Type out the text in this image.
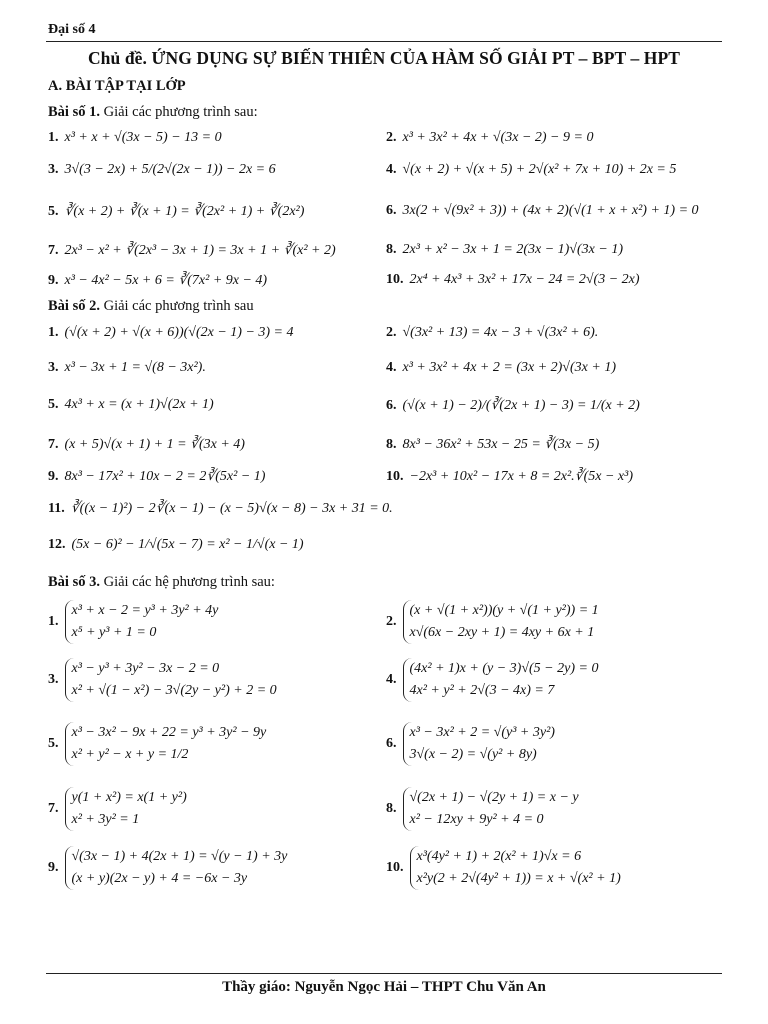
Đại số 4
Chủ đề. ỨNG DỤNG SỰ BIẾN THIÊN CỦA HÀM SỐ GIẢI PT – BPT – HPT
A. BÀI TẬP TẠI LỚP
Bài số 1. Giải các phương trình sau:
1. x³ + x + √(3x − 5) − 13 = 0	2. x³ + 3x² + 4x + √(3x − 2) − 9 = 0
3. 3√(3 − 2x) + 5/(2√(2x − 1)) − 2x = 6	4. √(x + 2) + √(x + 5) + 2√(x² + 7x + 10) + 2x = 5
5. ∛(x + 2) + ∛(x + 1) = ∛(2x² + 1) + ∛(2x²)	6. 3x(2 + √(9x² + 3)) + (4x + 2)(√(1 + x + x²) + 1) = 0
7. 2x³ − x² + ∛(2x³ − 3x + 1) = 3x + 1 + ∛(x² + 2)	8. 2x³ + x² − 3x + 1 = 2(3x − 1)√(3x − 1)
9. x³ − 4x² − 5x + 6 = ∛(7x² + 9x − 4)	10. 2x⁴ + 4x³ + 3x² + 17x − 24 = 2√(3 − 2x)
Bài số 2. Giải các phương trình sau
1. (√(x + 2) + √(x + 6))(√(2x − 1) − 3) = 4	2. √(3x² + 13) = 4x − 3 + √(3x² + 6).
3. x³ − 3x + 1 = √(8 − 3x²).	4. x³ + 3x² + 4x + 2 = (3x + 2)√(3x + 1)
5. 4x³ + x = (x + 1)√(2x + 1)	6. (√(x + 1) − 2)/(∛(2x + 1) − 3) = 1/(x + 2)
7. (x + 5)√(x + 1) + 1 = ∛(3x + 4)	8. 8x³ − 36x² + 53x − 25 = ∛(3x − 5)
9. 8x³ − 17x² + 10x − 2 = 2∛(5x² − 1)	10. −2x³ + 10x² − 17x + 8 = 2x².∛(5x − x³)
11. ∛((x − 1)²) − 2∛(x − 1) − (x − 5)√(x − 8) − 3x + 31 = 0.
12. (5x − 6)² − 1/√(5x − 7) = x² − 1/√(x − 1)
Bài số 3. Giải các hệ phương trình sau:
1.
x³ + x − 2 = y³ + 3y² + 4y
x⁵ + y³ + 1 = 0
2.
(x + √(1 + x²))(y + √(1 + y²)) = 1
x√(6x − 2xy + 1) = 4xy + 6x + 1
3.
x³ − y³ + 3y² − 3x − 2 = 0
x² + √(1 − x²) − 3√(2y − y²) + 2 = 0
4.
(4x² + 1)x + (y − 3)√(5 − 2y) = 0
4x² + y² + 2√(3 − 4x) = 7
5.
x³ − 3x² − 9x + 22 = y³ + 3y² − 9y
x² + y² − x + y = 1/2
6.
x³ − 3x² + 2 = √(y³ + 3y²)
3√(x − 2) = √(y² + 8y)
7.
y(1 + x²) = x(1 + y²)
x² + 3y² = 1
8.
√(2x + 1) − √(2y + 1) = x − y
x² − 12xy + 9y² + 4 = 0
9.
√(3x − 1) + 4(2x + 1) = √(y − 1) + 3y
(x + y)(2x − y) + 4 = −6x − 3y
10.
x³(4y² + 1) + 2(x² + 1)√x = 6
x²y(2 + 2√(4y² + 1)) = x + √(x² + 1)
Thầy giáo: Nguyễn Ngọc Hải – THPT Chu Văn An
